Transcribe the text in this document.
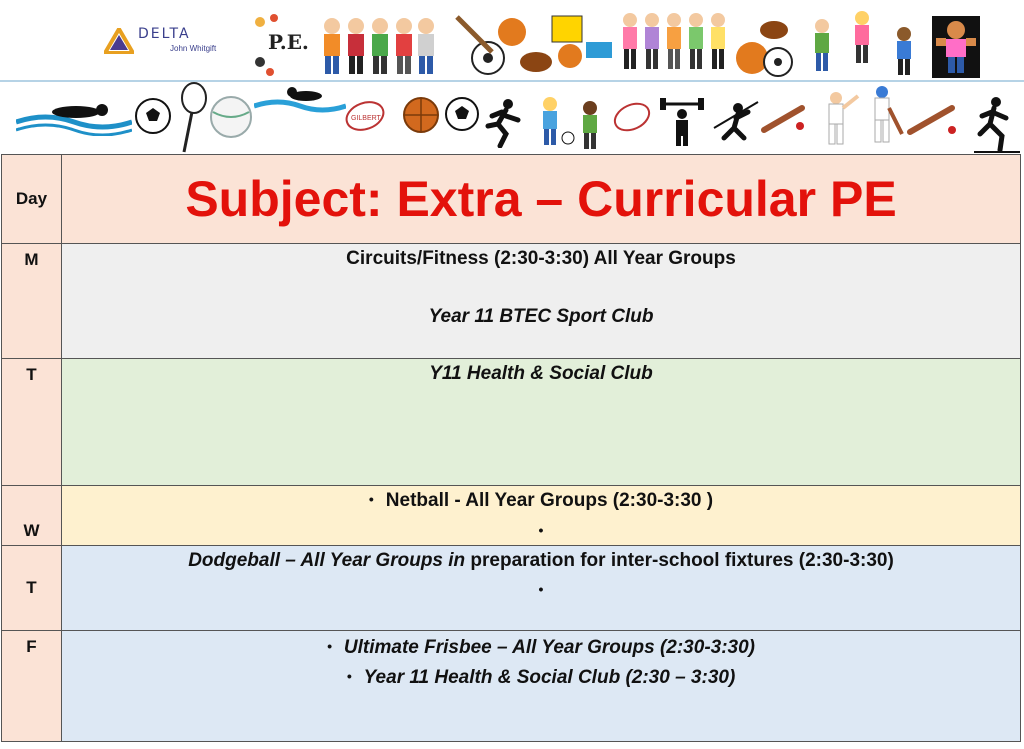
DELTA
John Whitgift	P.E.
GILBERT
Day	Subject: Extra – Curricular PE

M	Circuits/Fitness (2:30-3:30) All Year Groups
Year 11 BTEC Sport Club

T	Y11 Health & Social Club

W	• Netball - All Year Groups (2:30-3:30 )
•

T	Dodgeball – All Year Groups in preparation for inter-school fixtures (2:30-3:30)
•

F	• Ultimate Frisbee – All Year Groups (2:30-3:30)
• Year 11 Health & Social Club (2:30 – 3:30)
